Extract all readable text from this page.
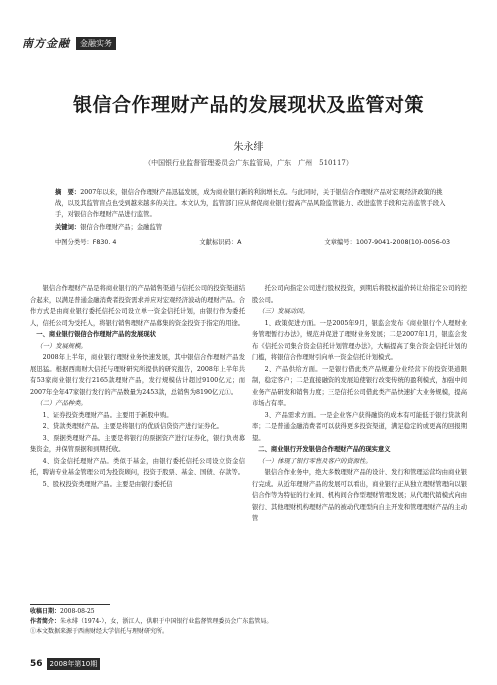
南方金融	金融实务
银信合作理财产品的发展现状及监管对策
朱永绯
（中国银行业监督管理委员会广东监管局，广东　广州　510117）
摘　要：2007年以来，银信合作理财产品迅猛发展，成为商业银行新的利润增长点。与此同时，关于银信合作理财产品对宏观经济政策的挑战，以及其监管盲点也受到越来越多的关注。本文认为，监管部门应从督促商业银行提高产品风险监管能力、改进监管手段和完善监管手段入手，对银信合作理财产品进行监管。
关键词：银信合作理财产品；金融监管
中图分类号：F830. 4	文献标识码：A	文章编号：1007-9041-2008(10)-0056-03

银信合作理财产品是将商业银行的产品销售渠道与信托公司的投资渠道结合起来，以满足普通金融消费者投资需求并应对宏观经济波动的理财产品。合作方式是由商业银行委托信托公司设立单一资金信托计划，由银行作为委托人，信托公司为受托人，将银行销售理财产品募集的资金投资于指定的用途。

一、商业银行银信合作理财产品的发展现状
（一）发展规模。

2008年上半年，商业银行理财业务快速发展，其中银信合作理财产品发展迅猛。根据西南财大信托与理财研究所提供的研究报告，2008年上半年共有53家商业银行发行2165款理财产品，发行规模估计超过9100亿元；而2007年全年47家银行发行的产品数量为2453款，总销售为8190亿元①。

（二）产品种类。

1、证券投资类理财产品。主要用于新股申购。

2、贷款类理财产品。主要是将银行的优质信贷资产进行证券化。

3、票据类理财产品。主要是将银行的票据资产进行证券化，银行负责募集资金，并保管票据和到期托收。

4、资金信托理财产品。类似于基金，由银行委托信托公司设立资金信托，聘请专业基金管理公司为投资顾问，投资于股票、基金、国债、存款等。

5、股权投资类理财产品。主要是由银行委托信

托公司向指定公司进行股权投资，到期后将股权溢价转让给指定公司的控股公司。

（三）发展动因。

1、政策促进方面。一是2005年9月，银监会发布《商业银行个人理财业务管理暂行办法》，规范并促进了理财业务发展；二是2007年1月，银监会发布《信托公司集合资金信托计划管理办法》，大幅提高了集合资金信托计划的门槛，将银信合作理财引向单一资金信托计划模式。

2、产品供给方面。一是银行借此类产品规避分业经营下的投资渠道限制，稳定客户；二是直接融资的发展迫使银行改变传统的盈利模式，加强中间业务产品研发和销售力度；三是信托公司借此类产品快速扩大业务规模，提高市场占有率。

3、产品需求方面。一是企业客户获得融资的成本有可能低于银行贷款利率；二是普通金融消费者可以获得更多投资渠道，满足稳定的或更高的回报期望。

二、商业银行开发银信合作理财产品的现实意义
（一）体现了银行零售及客户的资源性。

银信合作业务中，绝大多数理财产品的设计、发行和管理运营均由商业银行完成。从近年理财产品的发展可以看出，商业银行正从独立理财管理向以银信合作等为特征的行业间、机构间合作型理财管理发展；从代理代销模式向由银行、其他理财机构理财产品的被动代理型向自主开发和管理理财产品的主动管

收稿日期：2008-08-25
作者简介：朱永绯（1974-），女，浙江人，供职于中国银行业监督管理委员会广东监管局。
①本文数据来源于西南财经大学信托与理财研究所。
56	2008年第10期
